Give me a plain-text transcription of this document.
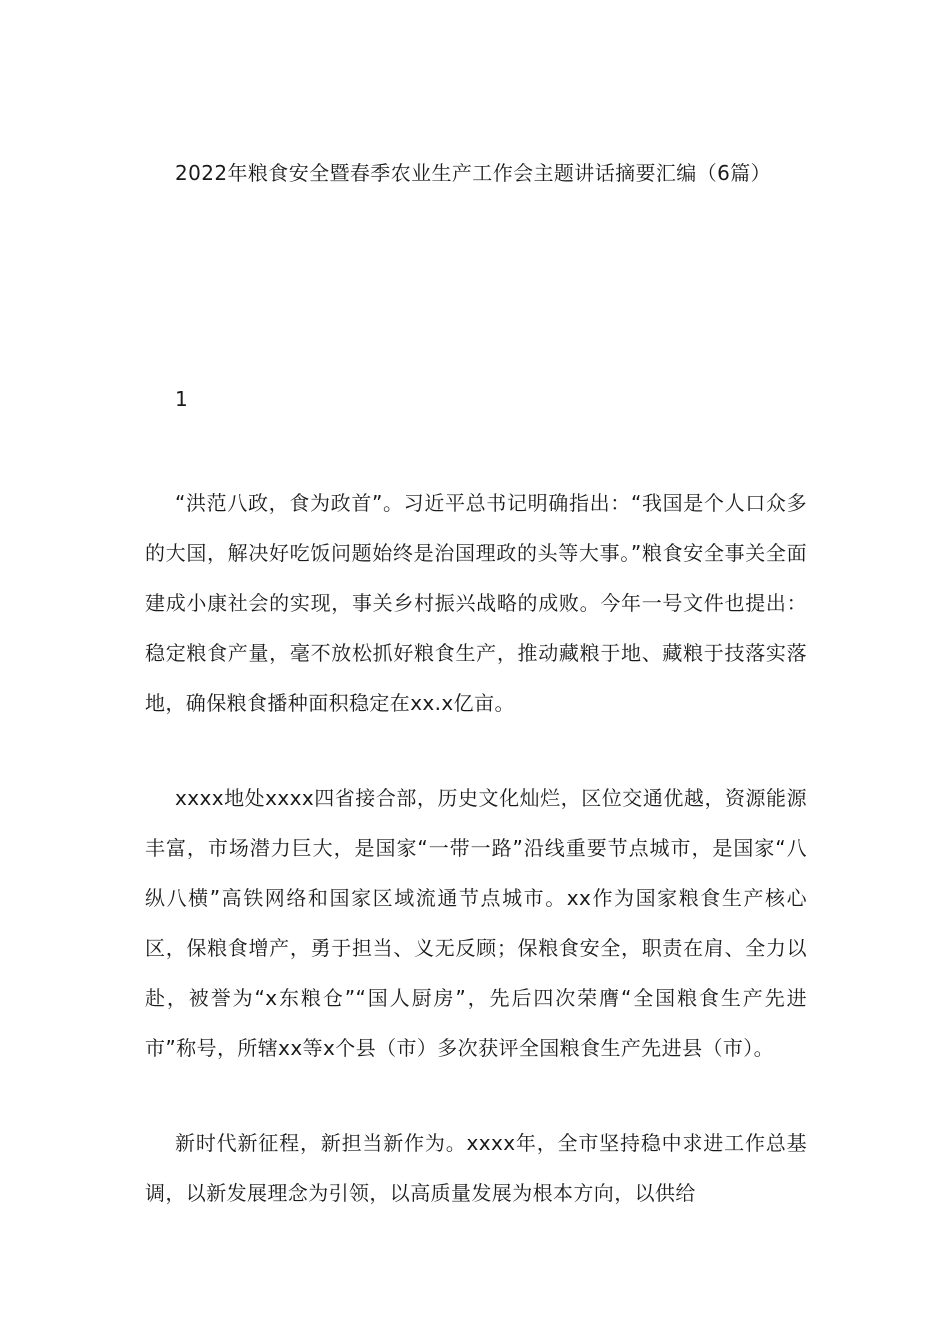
2022年粮食安全暨春季农业生产工作会主题讲话摘要汇编（6篇）

1

“洪范八政，食为政首”。习近平总书记明确指出：“我国是个人口众多的大国，解决好吃饭问题始终是治国理政的头等大事。”粮食安全事关全面建成小康社会的实现，事关乡村振兴战略的成败。今年一号文件也提出：稳定粮食产量，毫不放松抓好粮食生产，推动藏粮于地、藏粮于技落实落地，确保粮食播种面积稳定在xx.x亿亩。

xxxx地处xxxx四省接合部，历史文化灿烂，区位交通优越，资源能源丰富，市场潜力巨大，是国家“一带一路”沿线重要节点城市，是国家“八纵八横”高铁网络和国家区域流通节点城市。xx作为国家粮食生产核心区，保粮食增产，勇于担当、义无反顾；保粮食安全，职责在肩、全力以赴，被誉为“x东粮仓”“国人厨房”，先后四次荣膺“全国粮食生产先进市”称号，所辖xx等x个县（市）多次获评全国粮食生产先进县（市）。

新时代新征程，新担当新作为。xxxx年，全市坚持稳中求进工作总基调，以新发展理念为引领，以高质量发展为根本方向，以供给
